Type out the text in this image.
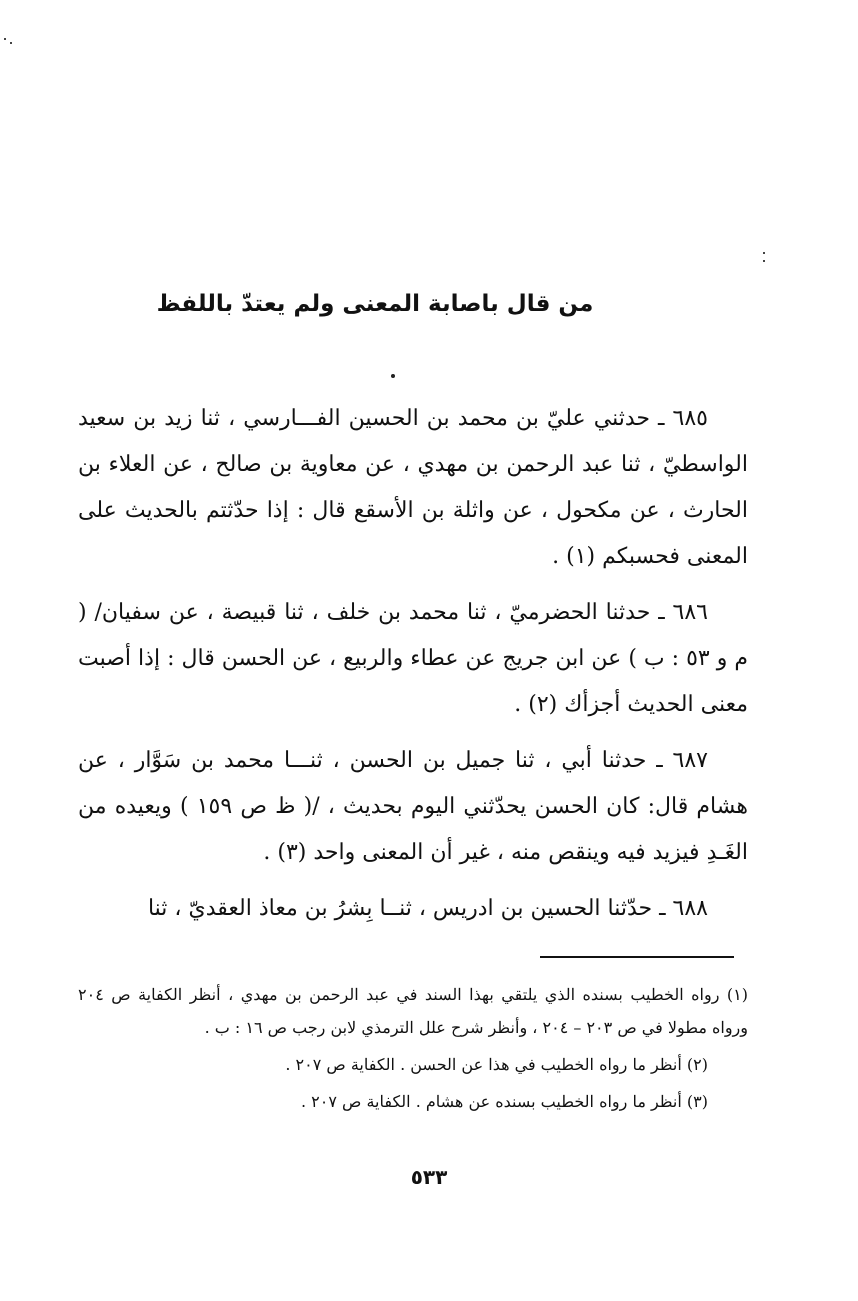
من قال باصابة المعنى ولم يعتدّ باللفظ

٦٨٥ ـ حدثني عليّ بن محمد بن الحسين الفـــارسي ، ثنا زيد بن سعيد الواسطيّ ، ثنا عبد الرحمن بن مهدي ، عن معاوية بن صالح ، عن العلاء بن الحارث ، عن مكحول ، عن واثلة بن الأسقع قال : إذا حدّثتم بالحديث على المعنى فحسبكم (١) .

٦٨٦ ـ حدثنا الحضرميّ ، ثنا محمد بن خلف ، ثنا قبيصة ، عن سفيان/ ( م و ٥٣ : ب ) عن ابن جريج عن عطاء والربيع ، عن الحسن قال : إذا أصبت معنى الحديث أجزأك (٢) .

٦٨٧ ـ حدثنا أبي ، ثنا جميل بن الحسن ، ثنـــا محمد بن سَوَّار ، عن هشام قال: كان الحسن يحدّثني اليوم بحديث ، /( ظ ص ١٥٩ ) ويعيده من الغَـدِ فيزيد فيه وينقص منه ، غير أن المعنى واحد (٣) .

٦٨٨ ـ حدّثنا الحسين بن ادريس ، ثنــا بِشرُ بن معاذ العقديّ ، ثنا

(١) رواه الخطيب بسنده الذي يلتقي بهذا السند في عبد الرحمن بن مهدي ، أنظر الكفاية ص ٢٠٤ ورواه مطولا في ص ٢٠٣ – ٢٠٤ ، وأنظر شرح علل الترمذي لابن رجب ص ١٦ : ب .

(٢) أنظر ما رواه الخطيب في هذا عن الحسن . الكفاية ص ٢٠٧ .

(٣) أنظر ما رواه الخطيب بسنده عن هشام . الكفاية ص ٢٠٧ .

٥٣٣
